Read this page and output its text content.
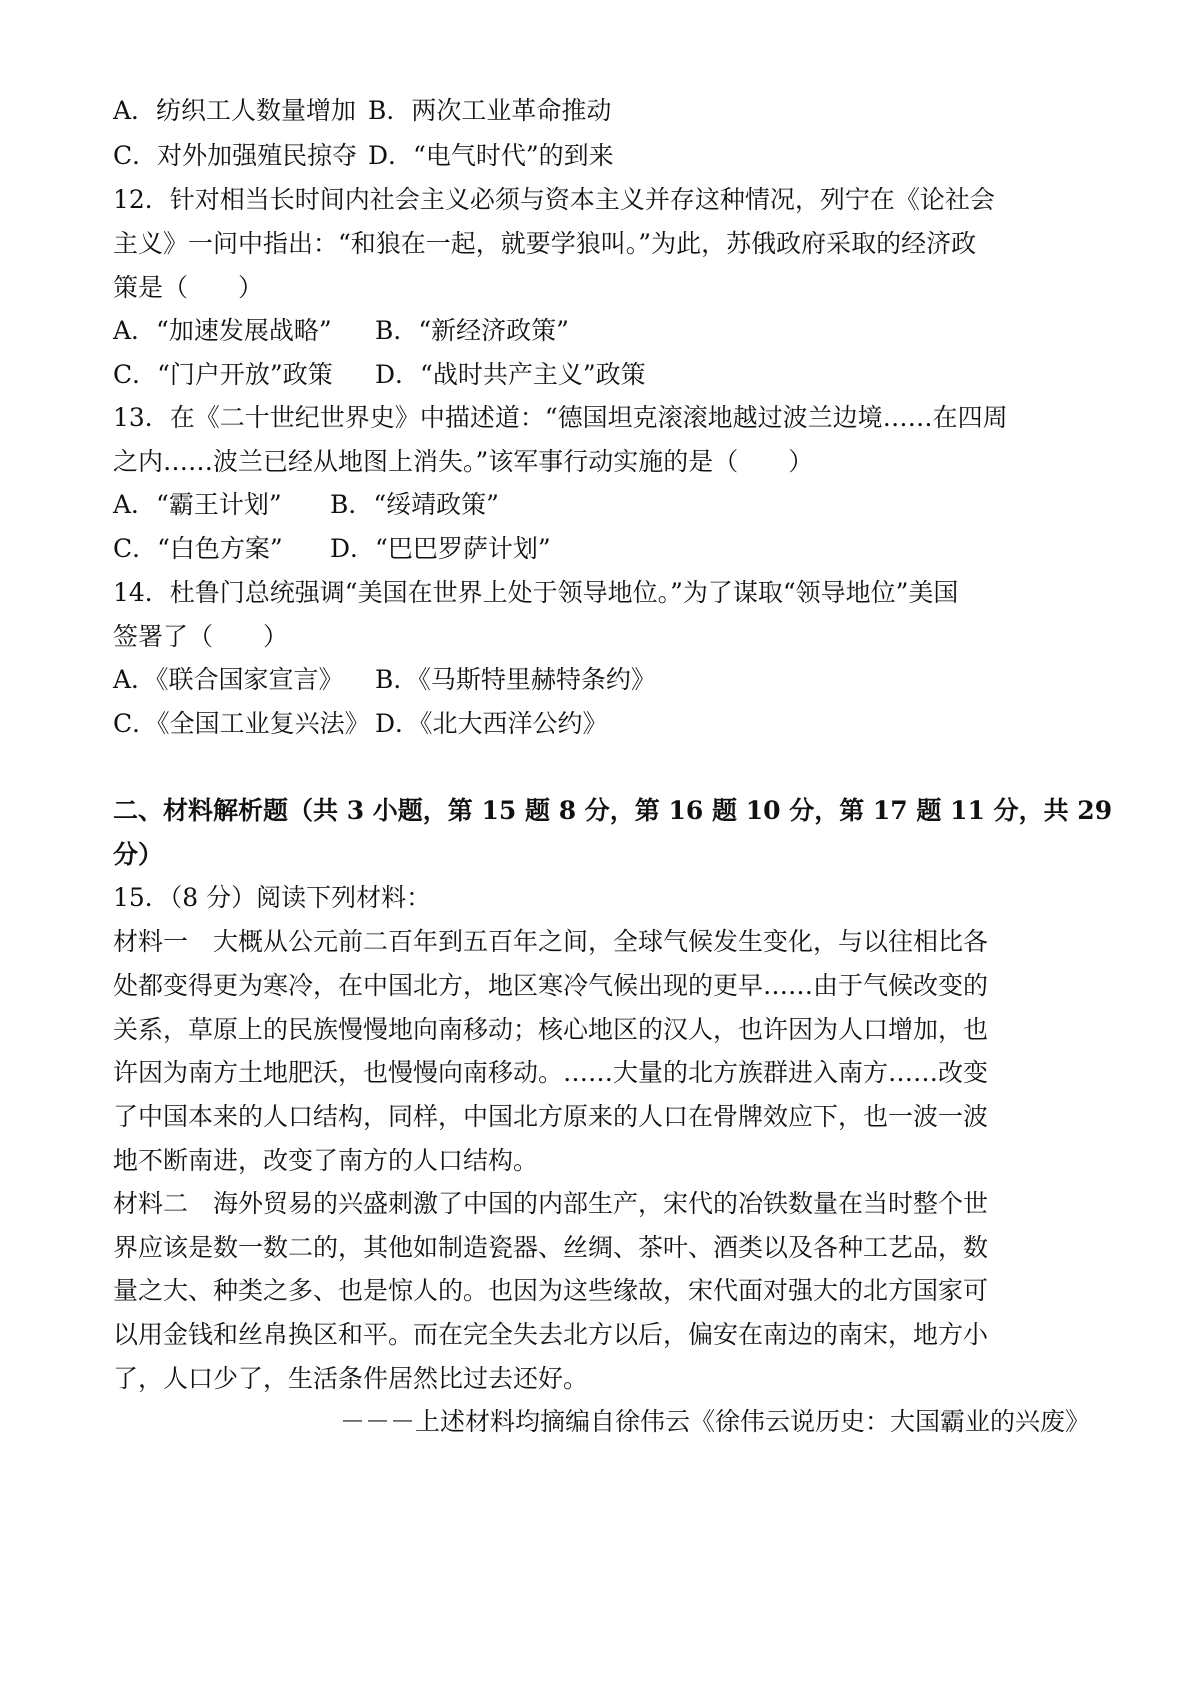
A．纺织工人数量增加 B．两次工业革命推动
C．对外加强殖民掠夺 D．“电气时代”的到来
12．针对相当长时间内社会主义必须与资本主义并存这种情况，列宁在《论社会
主义》一问中指出：“和狼在一起，就要学狼叫。”为此，苏俄政府采取的经济政
策是（　　）
A．“加速发展战略” B．“新经济政策”
C．“门户开放”政策 D．“战时共产主义”政策
13．在《二十世纪世界史》中描述道：“德国坦克滚滚地越过波兰边境……在四周
之内……波兰已经从地图上消失。”该军事行动实施的是（　　）
A．“霸王计划” B．“绥靖政策”
C．“白色方案” D．“巴巴罗萨计划”
14．杜鲁门总统强调“美国在世界上处于领导地位。”为了谋取“领导地位”美国
签署了（　　）
A．《联合国家宣言》 B．《马斯特里赫特条约》
C．《全国工业复兴法》 D．《北大西洋公约》
二、材料解析题（共 3 小题，第 15 题 8 分，第 16 题 10 分，第 17 题 11 分，共 29
分）
15．（8 分）阅读下列材料：
材料一　大概从公元前二百年到五百年之间，全球气候发生变化，与以往相比各
处都变得更为寒冷，在中国北方，地区寒冷气候出现的更早……由于气候改变的
关系，草原上的民族慢慢地向南移动；核心地区的汉人，也许因为人口增加，也
许因为南方土地肥沃，也慢慢向南移动。……大量的北方族群进入南方……改变
了中国本来的人口结构，同样，中国北方原来的人口在骨牌效应下，也一波一波
地不断南进，改变了南方的人口结构。
材料二　海外贸易的兴盛刺激了中国的内部生产，宋代的冶铁数量在当时整个世
界应该是数一数二的，其他如制造瓷器、丝绸、茶叶、酒类以及各种工艺品，数
量之大、种类之多、也是惊人的。也因为这些缘故，宋代面对强大的北方国家可
以用金钱和丝帛换区和平。而在完全失去北方以后，偏安在南边的南宋，地方小
了，人口少了，生活条件居然比过去还好。
－－－上述材料均摘编自徐伟云《徐伟云说历史：大国霸业的兴废》
